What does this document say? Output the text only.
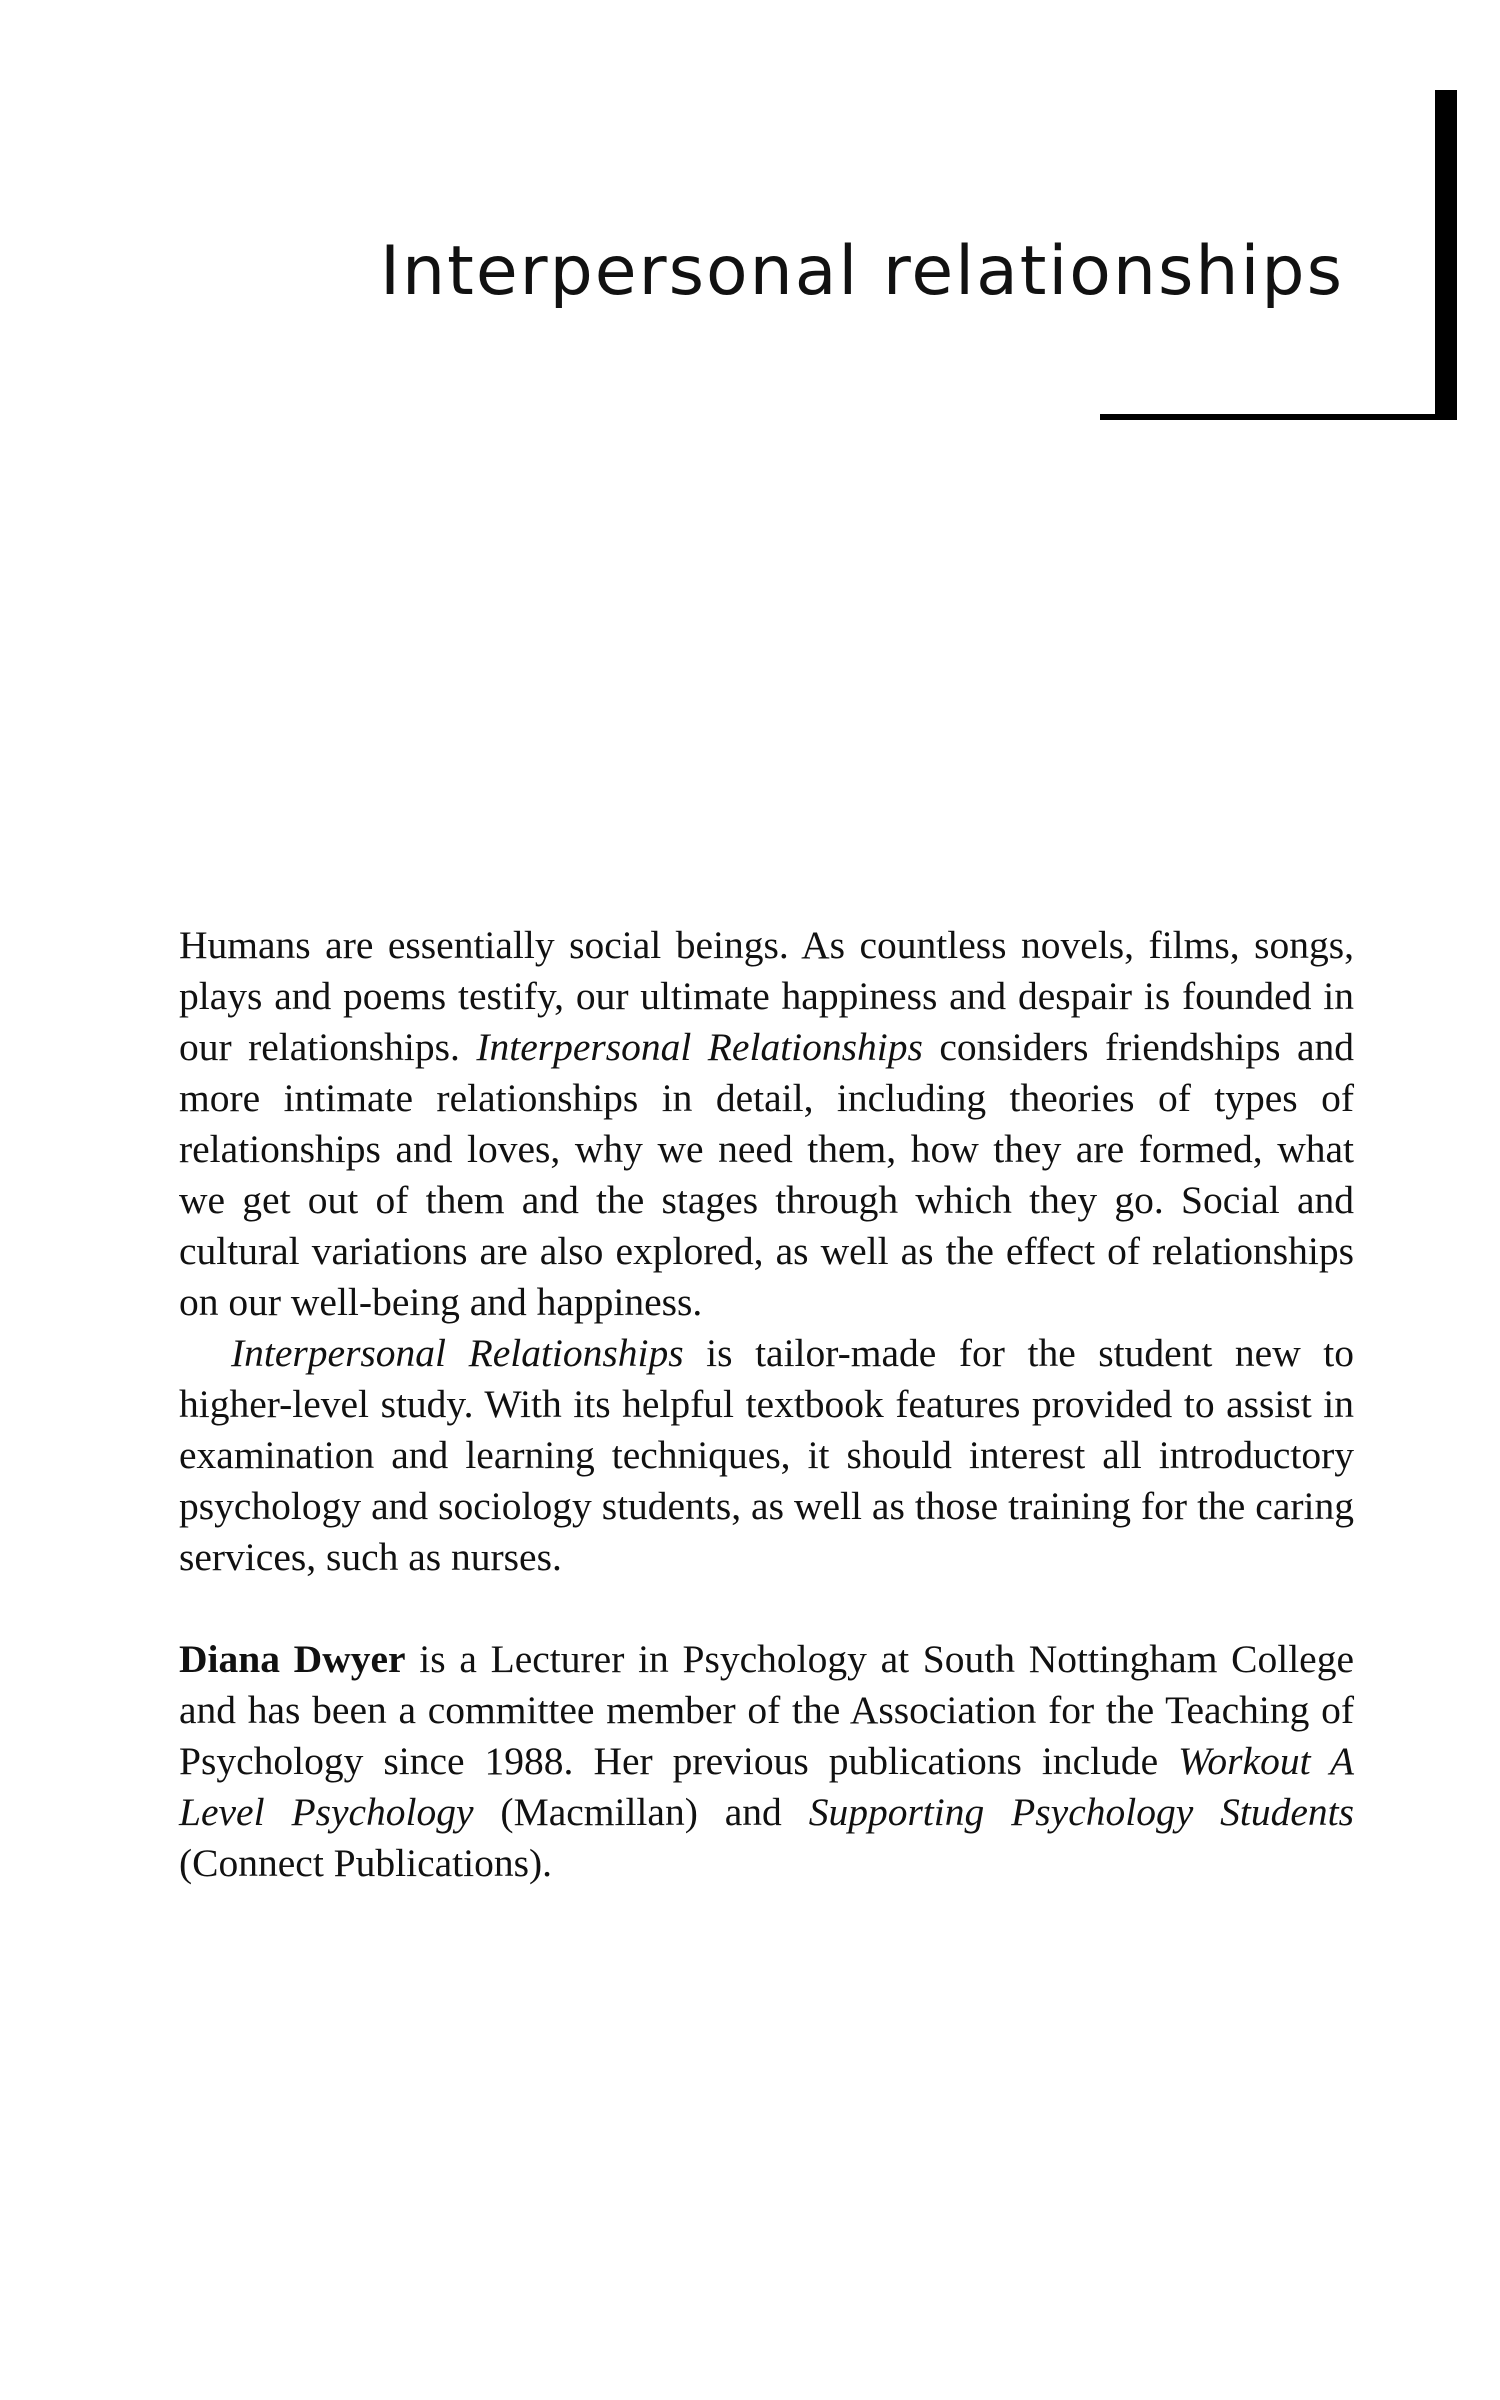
Interpersonal relationships

Humans are essentially social beings. As countless novels, films, songs, plays and poems testify, our ultimate happiness and despair is founded in our relationships. Interpersonal Relationships considers friendships and more intimate relationships in detail, including theories of types of relationships and loves, why we need them, how they are formed, what we get out of them and the stages through which they go. Social and cultural variations are also explored, as well as the effect of relationships on our well-being and happiness.

Interpersonal Relationships is tailor-made for the student new to higher-level study. With its helpful textbook features provided to assist in examination and learning techniques, it should interest all introductory psychology and sociology students, as well as those training for the caring services, such as nurses.

Diana Dwyer is a Lecturer in Psychology at South Nottingham College and has been a committee member of the Association for the Teaching of Psychology since 1988. Her previous publications include Workout A Level Psychology (Macmillan) and Supporting Psychology Students (Connect Publications).
